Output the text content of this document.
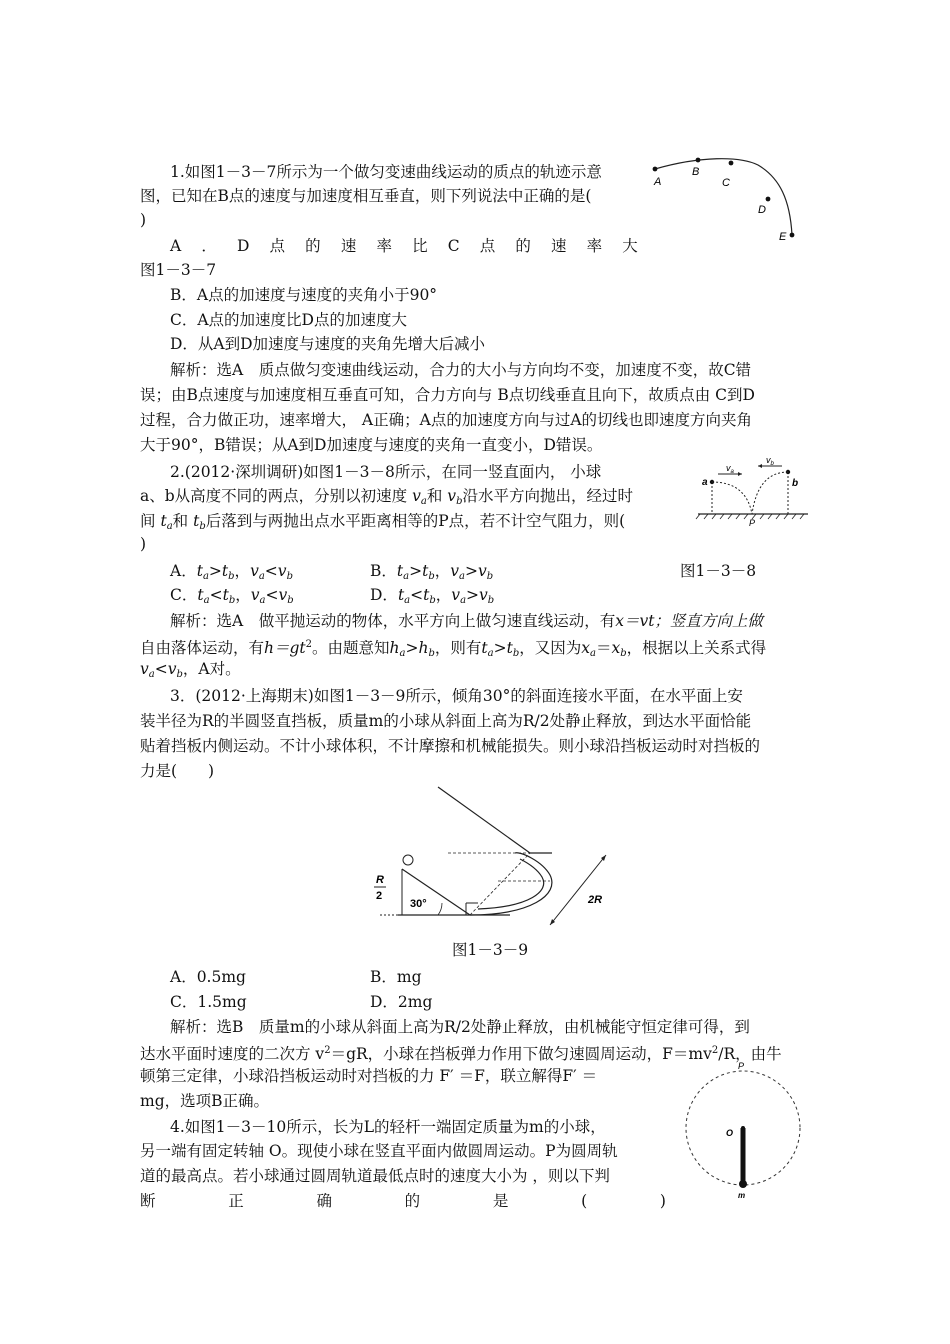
1.如图1－3－7所示为一个做匀变速曲线运动的质点的轨迹示意
图，已知在B点的速度与加速度相互垂直，则下列说法中正确的是(
)
A ． D 点 的 速 率 比 C 点 的 速 率 大
图1－3－7
B．A点的加速度与速度的夹角小于90°
C．A点的加速度比D点的加速度大
D．从A到D加速度与速度的夹角先增大后减小
解析：选A　质点做匀变速曲线运动，合力的大小与方向均不变，加速度不变，故C错
误；由B点速度与加速度相互垂直可知，合力方向与 B点切线垂直且向下，故质点由 C到D
过程，合力做正功，速率增大， A正确；A点的加速度方向与过A的切线也即速度方向夹角
大于90°，B错误；从A到D加速度与速度的夹角一直变小，D错误。
A
B
C
D
E
2.(2012·深圳调研)如图1－3－8所示，在同一竖直面内， 小球
a、b从高度不同的两点，分别以初速度 $v_a$和 $v_b$沿水平方向抛出，经过时
间 $t_a$和 $t_b$后落到与两抛出点水平距离相等的P点，若不计空气阻力，则(
)
A．$t_a>t_b$，$v_a<v_b$	B．$t_a>t_b$，$v_a>v_b$	图1－3－8
C．$t_a<t_b$，$v_a<v_b$	D．$t_a<t_b$，$v_a>v_b$
解析：选A　做平抛运动的物体，水平方向上做匀速直线运动，有x＝vt；竖直方向上做
自由落体运动，有$h=gt^2$。由题意知$h_a>h_b$，则有$t_a>t_b$，又因为$x_a=x_b$，根据以上关系式得
$v_a<v_b$，A对。
a
$v_a$
$v_b$
b
P
3．(2012·上海期末)如图1－3－9所示，倾角30°的斜面连接水平面，在水平面上安
装半径为R的半圆竖直挡板，质量m的小球从斜面上高为R/2处静止释放，到达水平面恰能
贴着挡板内侧运动。不计小球体积，不计摩擦和机械能损失。则小球沿挡板运动时对挡板的
力是(　　)
R
2
30°	2R
图1－3－9
A．0.5mg	B．mg
C．1.5mg	D．2mg
解析：选B　质量m的小球从斜面上高为R/2处静止释放，由机械能守恒定律可得，到
达水平面时速度的二次方 $v^2=gR$，小球在挡板弹力作用下做匀速圆周运动，$F=mv^2/R$，由牛
顿第三定律，小球沿挡板运动时对挡板的力 F′ ＝F，联立解得F′ ＝
mg，选项B正确。
4.如图1－3－10所示，长为L的轻杆一端固定质量为m的小球，
另一端有固定转轴 O。现使小球在竖直平面内做圆周运动。P为圆周轨
道的最高点。若小球通过圆周轨道最低点时的速度大小为 ，则以下判
断	正	确	的	是	(	)
P
O
m
